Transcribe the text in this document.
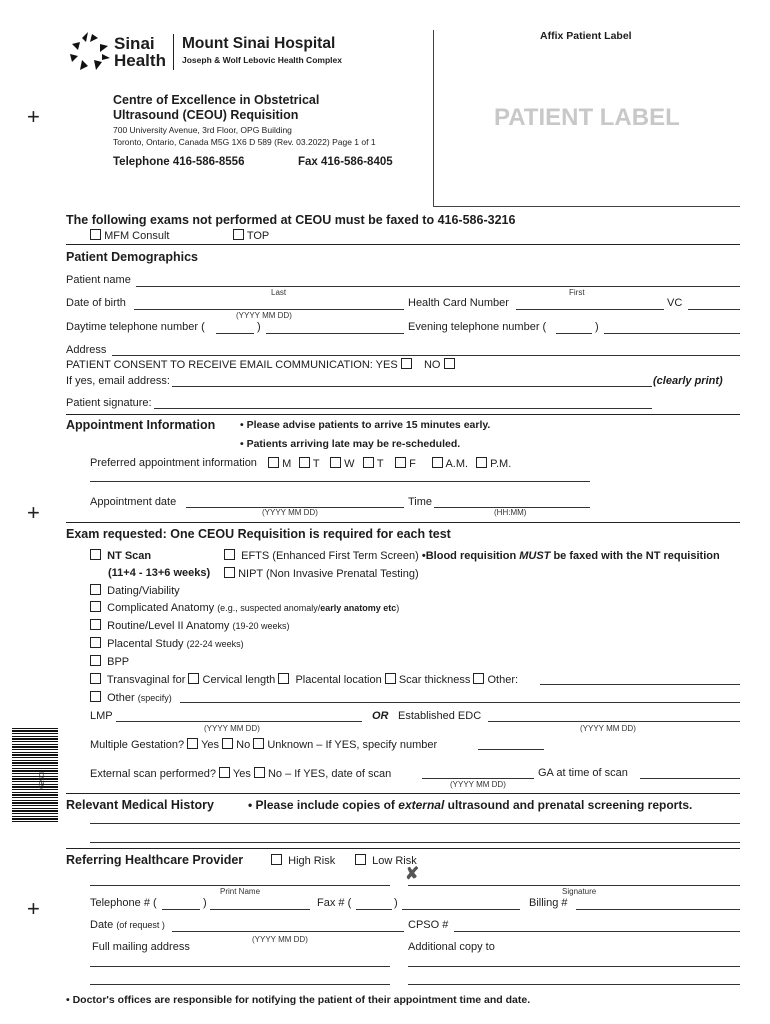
+
+
+
D589
Sinai
Health
Mount Sinai Hospital
Joseph & Wolf Lebovic Health Complex
Affix Patient Label
PATIENT LABEL
Centre of Excellence in Obstetrical
Ultrasound (CEOU) Requisition
700 University Avenue, 3rd Floor, OPG Building
Toronto, Ontario, Canada M5G 1X6 D 589 (Rev. 03.2022) Page 1 of 1
Telephone 416-586-8556	Fax 416-586-8405
The following exams not performed at CEOU must be faxed to 416-586-3216
MFM Consult	TOP
Patient Demographics
Patient name
Last	First
Date of birth
(YYYY MM DD)
Health Card Number	VC
Daytime telephone number (	)	Evening telephone number (	)
Address
PATIENT CONSENT TO RECEIVE EMAIL COMMUNICATION: YES NO
If yes, email address:	(clearly print)
Patient signature:
Appointment Information • Please advise patients to arrive 15 minutes early.
• Patients arriving late may be re-scheduled.
Preferred appointment information	M	T	W	T	F	A.M.	P.M.
Appointment date
(YYYY MM DD)
Time
(HH:MM)
Exam requested: One CEOU Requisition is required for each test
NT Scan
(11+4 - 13+6 weeks)
EFTS (Enhanced First Term Screen) •Blood requisition MUST be faxed with the NT requisition
NIPT (Non Invasive Prenatal Testing)
Dating/Viability
Complicated Anatomy (e.g., suspected anomaly/early anatomy etc)
Routine/Level II Anatomy (19-20 weeks)
Placental Study (22-24 weeks)
BPP
Transvaginal for Cervical length Placental location Scar thickness Other:
Other (specify)
LMP
(YYYY MM DD)
OR Established EDC
(YYYY MM DD)
Multiple Gestation? Yes No Unknown – If YES, specify number
External scan performed? Yes No – If YES, date of scan
(YYYY MM DD)
GA at time of scan
Relevant Medical History	• Please include copies of external ultrasound and prenatal screening reports.
Referring Healthcare Provider	High Risk	Low Risk
✘
Print Name	Signature
Telephone # (	)	Fax # (	)	Billing #
Date (of request )
(YYYY MM DD)
CPSO #
Full mailing address	Additional copy to
• Doctor's offices are responsible for notifying the patient of their appointment time and date.
